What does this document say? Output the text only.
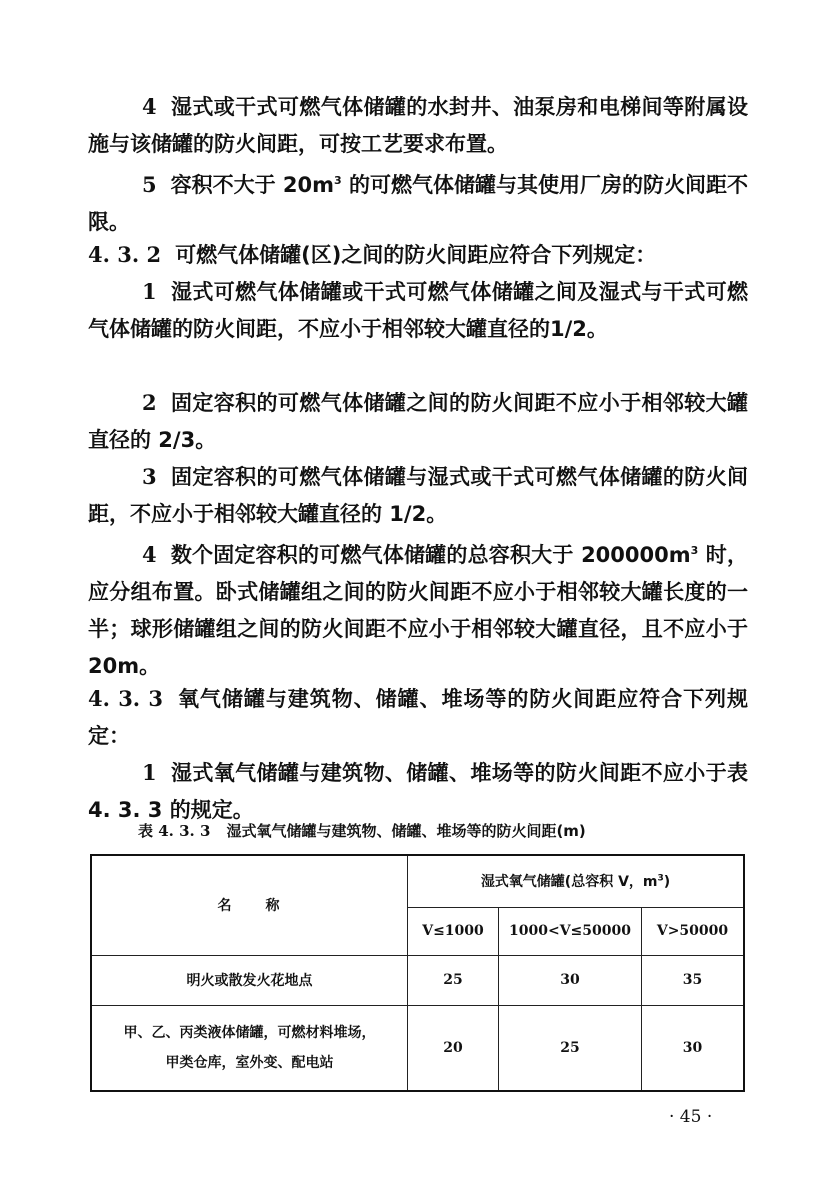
4 湿式或干式可燃气体储罐的水封井、油泵房和电梯间等附属设施与该储罐的防火间距，可按工艺要求布置。

5 容积不大于 $20m^3$ 的可燃气体储罐与其使用厂房的防火间距不限。

4. 3. 2 可燃气体储罐(区)之间的防火间距应符合下列规定：

1 湿式可燃气体储罐或干式可燃气体储罐之间及湿式与干式可燃气体储罐的防火间距，不应小于相邻较大罐直径的1/2。

2 固定容积的可燃气体储罐之间的防火间距不应小于相邻较大罐直径的 2/3。

3 固定容积的可燃气体储罐与湿式或干式可燃气体储罐的防火间距，不应小于相邻较大罐直径的 1/2。

4 数个固定容积的可燃气体储罐的总容积大于 $200000m^3$ 时，应分组布置。卧式储罐组之间的防火间距不应小于相邻较大罐长度的一半；球形储罐组之间的防火间距不应小于相邻较大罐直径，且不应小于 20m。

4. 3. 3 氧气储罐与建筑物、储罐、堆场等的防火间距应符合下列规定：

1 湿式氧气储罐与建筑物、储罐、堆场等的防火间距不应小于表 4. 3. 3 的规定。

表 4. 3. 3 湿式氧气储罐与建筑物、储罐、堆场等的防火间距(m)
名　　称	湿式氧气储罐(总容积 V，$m^3$)		
	V≤1000	1000<V≤50000	V>50000
明火或散发火花地点	25	30	35

甲、乙、丙类液体储罐，可燃材料堆场，
甲类仓库，室外变、配电站	20	25	30
· 45 ·
